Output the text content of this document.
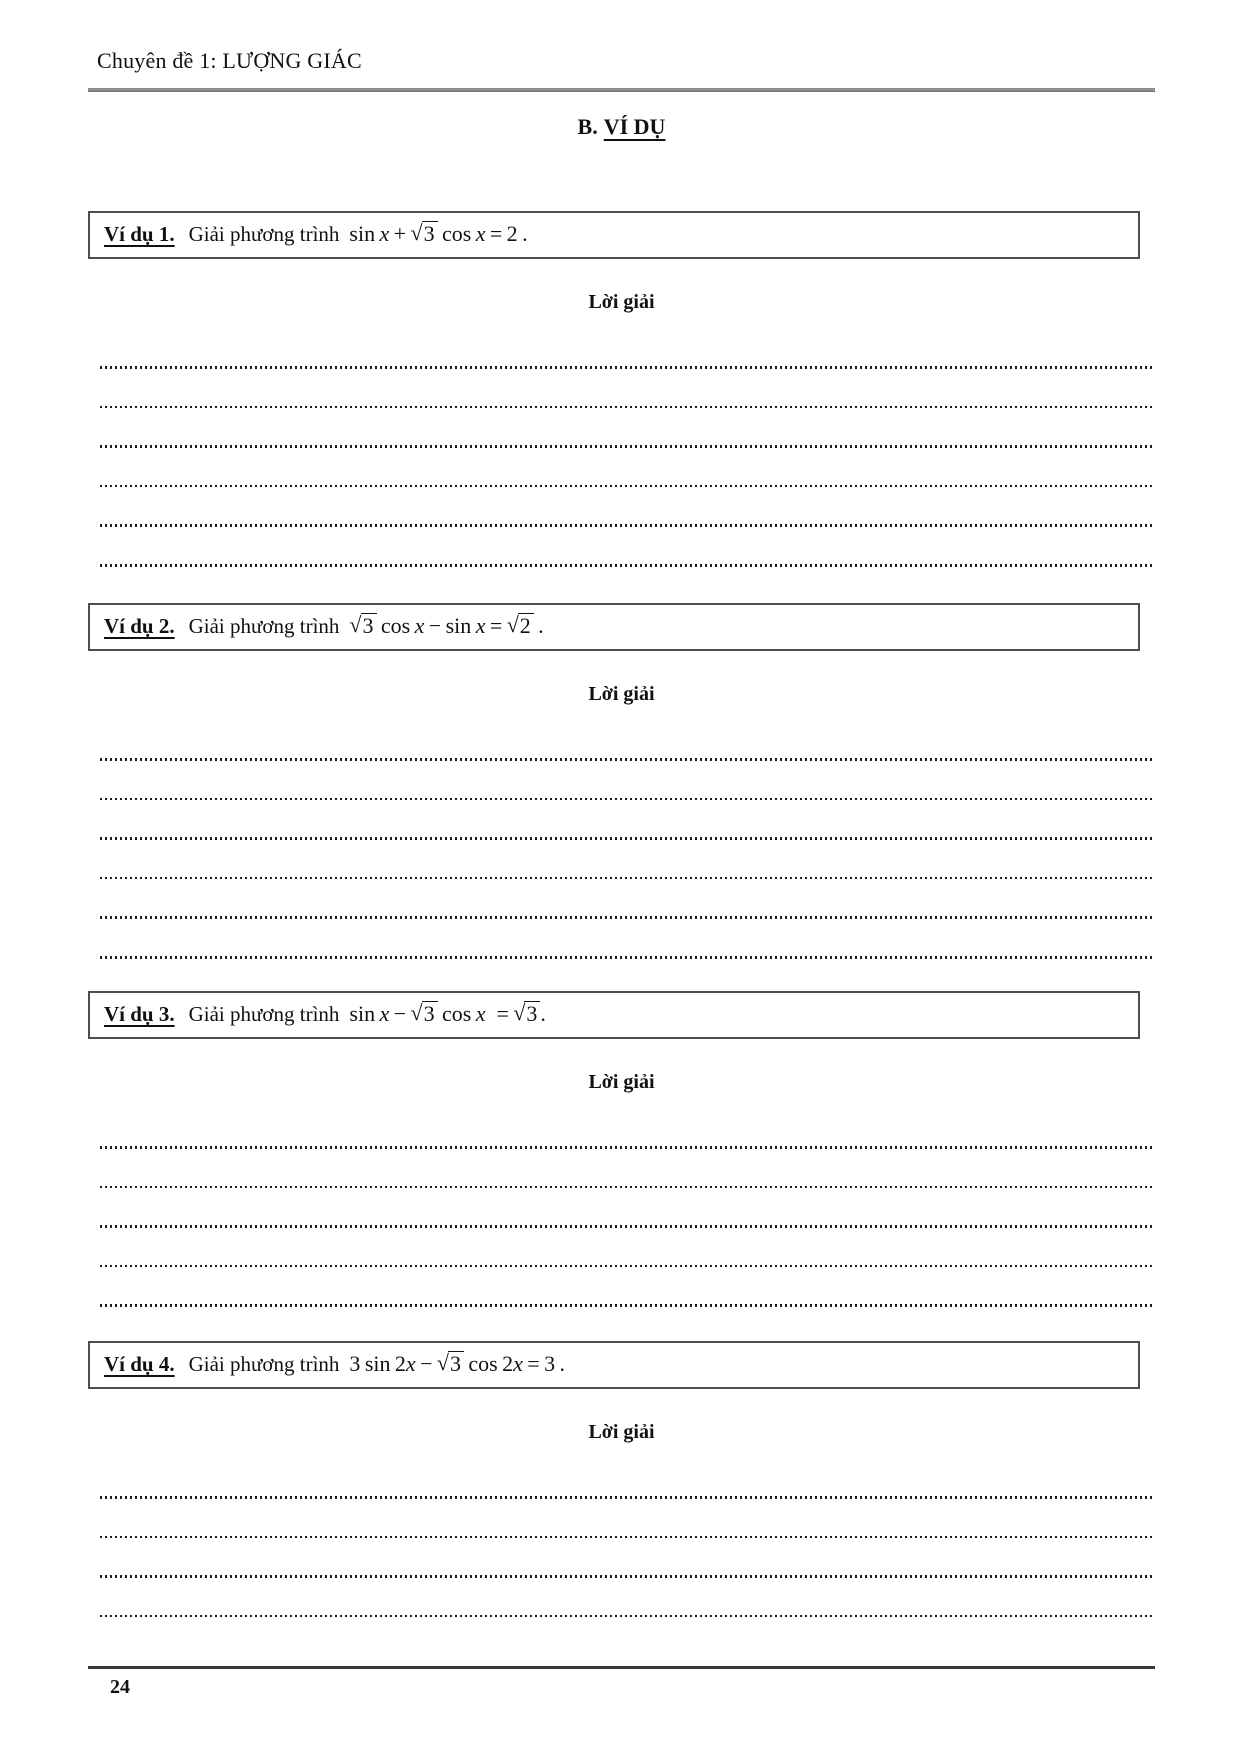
Chuyên đề 1: LƯỢNG GIÁC
B. VÍ DỤ
Ví dụ 1. Giải phương trình sin x + √3 cos x = 2 .
Lời giải
Ví dụ 2. Giải phương trình √3 cos x − sin x = √2 .
Lời giải
Ví dụ 3. Giải phương trình sin x − √3 cos x = √3 .
Lời giải
Ví dụ 4. Giải phương trình 3 sin 2x − √3 cos 2x = 3 .
Lời giải
24
